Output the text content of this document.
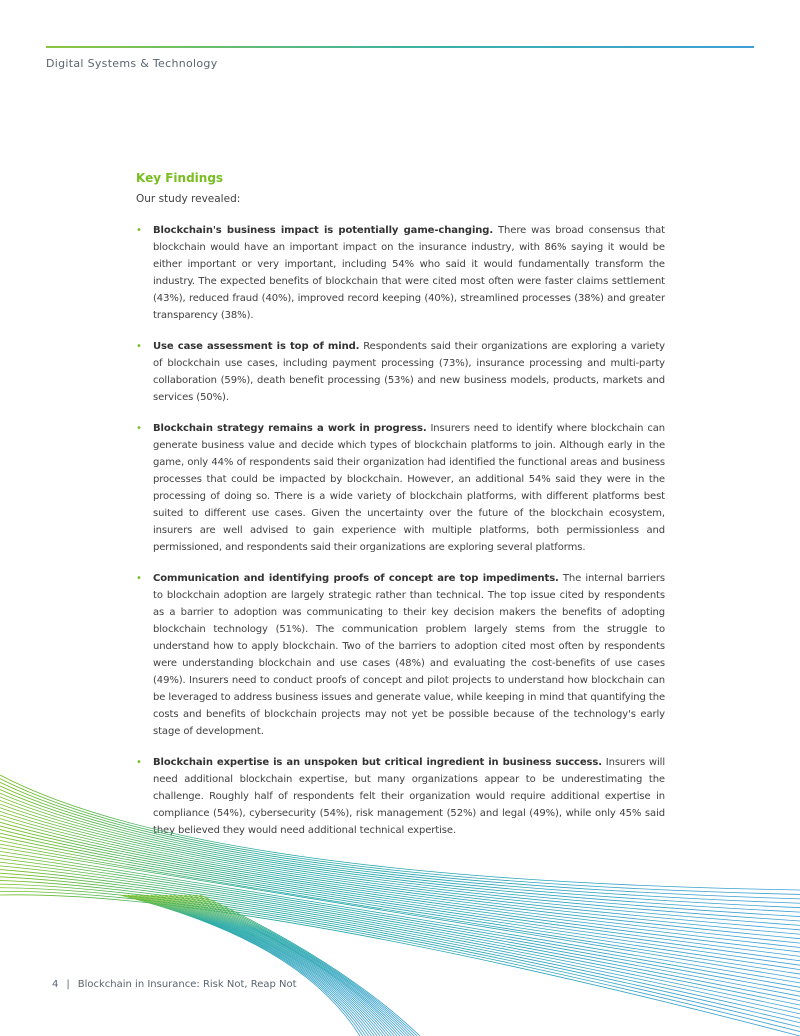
Digital Systems & Technology
Key Findings
Our study revealed:
• Blockchain's business impact is potentially game-changing. There was broad consensus that blockchain would have an important impact on the insurance industry, with 86% saying it would be either important or very important, including 54% who said it would fundamentally transform the industry. The expected benefits of blockchain that were cited most often were faster claims settlement (43%), reduced fraud (40%), improved record keeping (40%), streamlined processes (38%) and greater transparency (38%).
• Use case assessment is top of mind. Respondents said their organizations are exploring a variety of blockchain use cases, including payment processing (73%), insurance processing and multi-party collaboration (59%), death benefit processing (53%) and new business models, products, markets and services (50%).
• Blockchain strategy remains a work in progress. Insurers need to identify where blockchain can generate business value and decide which types of blockchain platforms to join. Although early in the game, only 44% of respondents said their organization had identified the functional areas and business processes that could be impacted by blockchain. However, an additional 54% said they were in the processing of doing so. There is a wide variety of blockchain platforms, with different platforms best suited to different use cases. Given the uncertainty over the future of the blockchain ecosystem, insurers are well advised to gain experience with multiple platforms, both permissionless and permissioned, and respondents said their organizations are exploring several platforms.
• Communication and identifying proofs of concept are top impediments. The internal barriers to blockchain adoption are largely strategic rather than technical. The top issue cited by respondents as a barrier to adoption was communicating to their key decision makers the benefits of adopting blockchain technology (51%). The communication problem largely stems from the struggle to understand how to apply blockchain. Two of the barriers to adoption cited most often by respondents were understanding blockchain and use cases (48%) and evaluating the cost-benefits of use cases (49%). Insurers need to conduct proofs of concept and pilot projects to understand how blockchain can be leveraged to address business issues and generate value, while keeping in mind that quantifying the costs and benefits of blockchain projects may not yet be possible because of the technology's early stage of development.
• Blockchain expertise is an unspoken but critical ingredient in business success. Insurers will need additional blockchain expertise, but many organizations appear to be underestimating the challenge. Roughly half of respondents felt their organization would require additional expertise in compliance (54%), cybersecurity (54%), risk management (52%) and legal (49%), while only 45% said they believed they would need additional technical expertise.
4 | Blockchain in Insurance: Risk Not, Reap Not
